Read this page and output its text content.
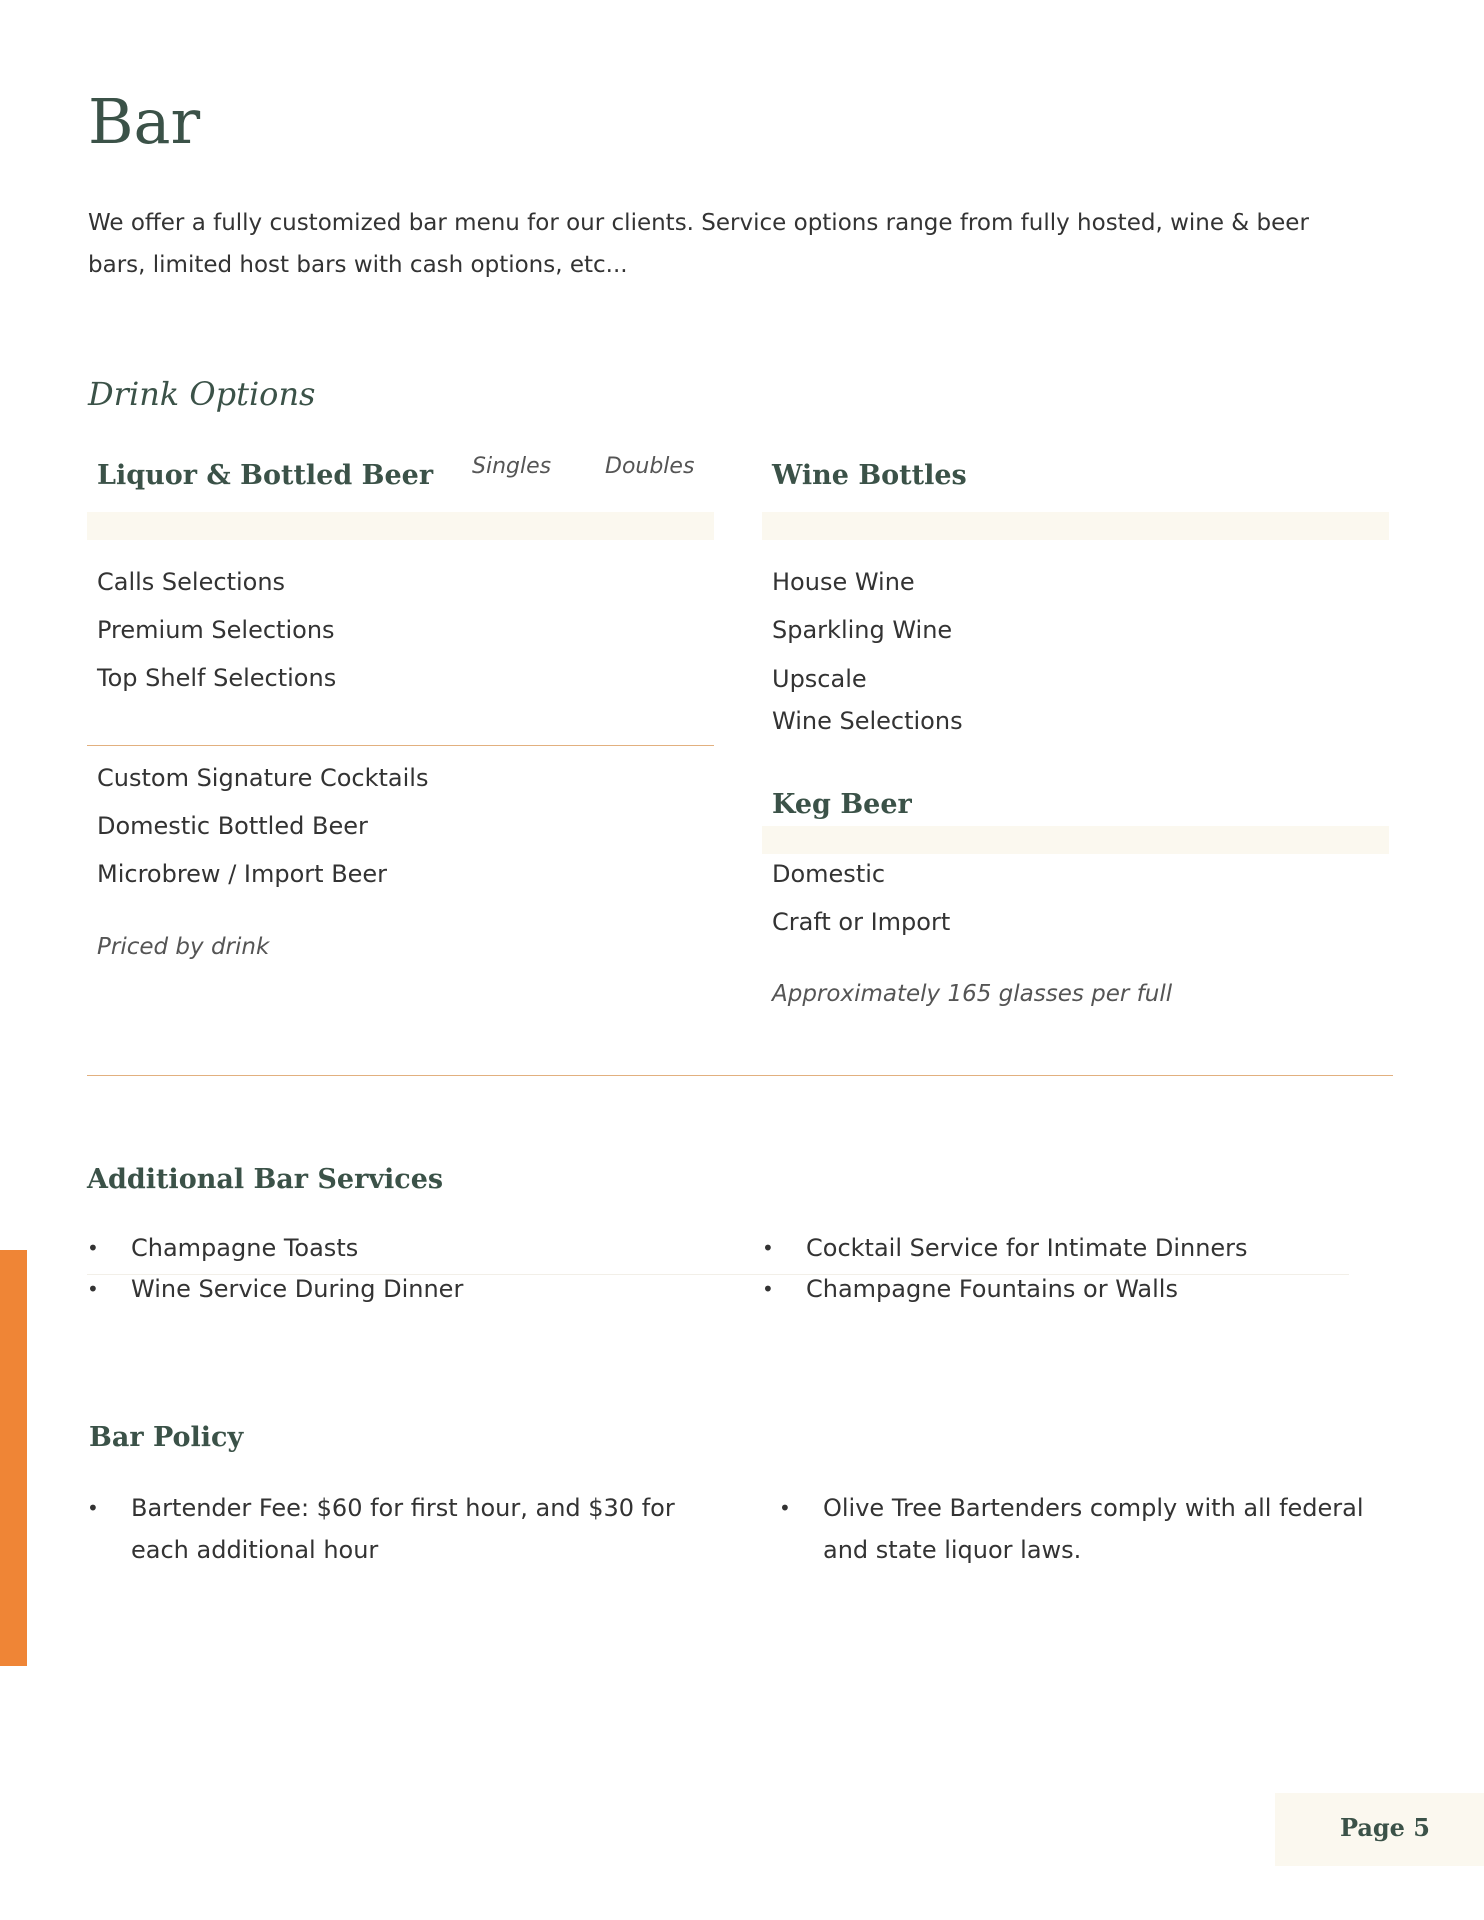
Bar

We offer a fully customized bar menu for our clients. Service options range from fully hosted, wine & beer bars, limited host bars with cash options, etc...

Drink Options
Liquor & Bottled Beer Singles Doubles
Calls Selections
Premium Selections
Top Shelf Selections
Custom Signature Cocktails
Domestic Bottled Beer
Microbrew / Import Beer
Priced by drink
Wine Bottles
House Wine
Sparkling Wine
Upscale
Wine Selections
Keg Beer
Domestic
Craft or Import
Approximately 165 glasses per full
Additional Bar Services
• Champagne Toasts
• Wine Service During Dinner
• Cocktail Service for Intimate Dinners
• Champagne Fountains or Walls
Bar Policy
• Bartender Fee: $60 for first hour, and $30 for each additional hour
• Olive Tree Bartenders comply with all federal and state liquor laws.
Page 5
